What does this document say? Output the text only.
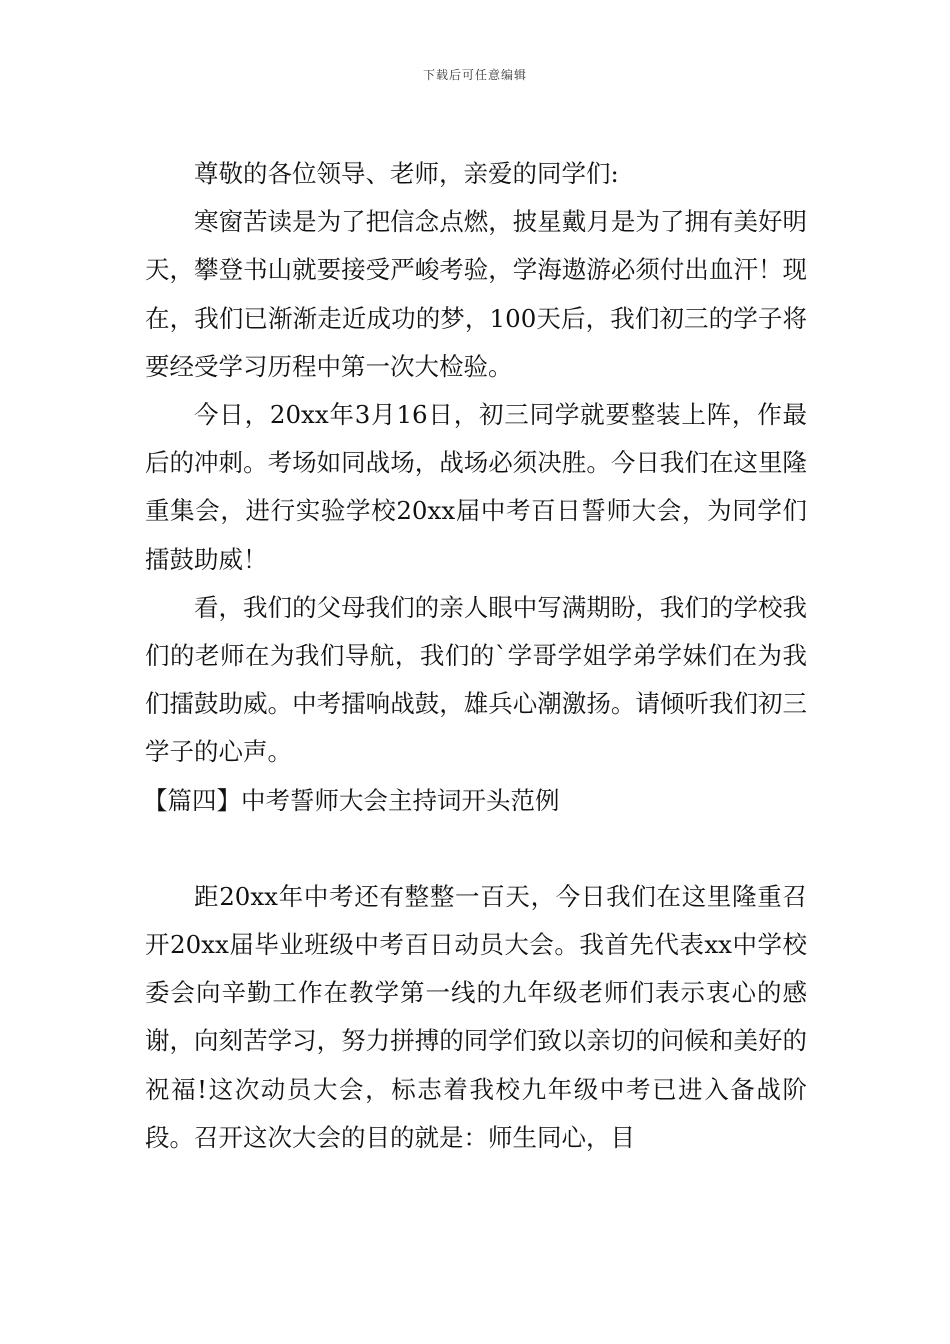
下载后可任意编辑

尊敬的各位领导、老师，亲爱的同学们:

寒窗苦读是为了把信念点燃，披星戴月是为了拥有美好明天，攀登书山就要接受严峻考验，学海遨游必须付出血汗！现在，我们已渐渐走近成功的梦，100天后，我们初三的学子将要经受学习历程中第一次大检验。

今日，20xx年3月16日，初三同学就要整装上阵，作最后的冲刺。考场如同战场，战场必须决胜。今日我们在这里隆重集会，进行实验学校20xx届中考百日誓师大会，为同学们擂鼓助威！

看，我们的父母我们的亲人眼中写满期盼，我们的学校我们的老师在为我们导航，我们的`学哥学姐学弟学妹们在为我们擂鼓助威。中考擂响战鼓，雄兵心潮激扬。请倾听我们初三学子的心声。

【篇四】中考誓师大会主持词开头范例

距20xx年中考还有整整一百天，今日我们在这里隆重召开20xx届毕业班级中考百日动员大会。我首先代表xx中学校委会向辛勤工作在教学第一线的九年级老师们表示衷心的感谢，向刻苦学习，努力拼搏的同学们致以亲切的问候和美好的祝福!这次动员大会，标志着我校九年级中考已进入备战阶段。召开这次大会的目的就是：师生同心，目
